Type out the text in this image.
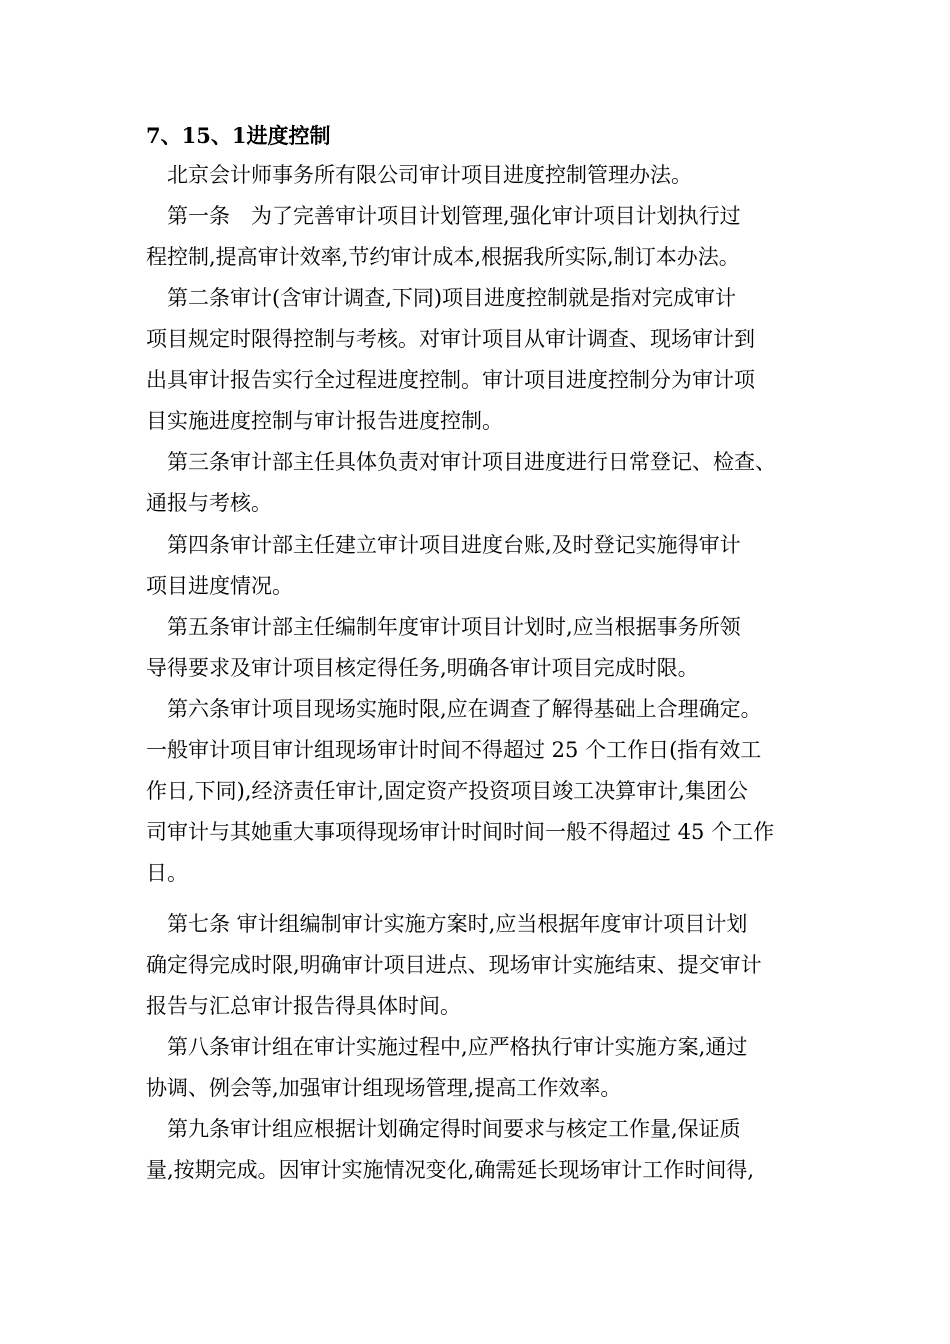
7、15、1进度控制
　北京会计师事务所有限公司审计项目进度控制管理办法。
　第一条　为了完善审计项目计划管理,强化审计项目计划执行过
程控制,提高审计效率,节约审计成本,根据我所实际,制订本办法。
　第二条审计(含审计调查,下同)项目进度控制就是指对完成审计
项目规定时限得控制与考核。对审计项目从审计调查、现场审计到
出具审计报告实行全过程进度控制。审计项目进度控制分为审计项
目实施进度控制与审计报告进度控制。
　第三条审计部主任具体负责对审计项目进度进行日常登记、检查、
通报与考核。
　第四条审计部主任建立审计项目进度台账,及时登记实施得审计
项目进度情况。
　第五条审计部主任编制年度审计项目计划时,应当根据事务所领
导得要求及审计项目核定得任务,明确各审计项目完成时限。
　第六条审计项目现场实施时限,应在调查了解得基础上合理确定。
一般审计项目审计组现场审计时间不得超过 25 个工作日(指有效工
作日,下同),经济责任审计,固定资产投资项目竣工决算审计,集团公
司审计与其她重大事项得现场审计时间时间一般不得超过 45 个工作
日。
　第七条 审计组编制审计实施方案时,应当根据年度审计项目计划
确定得完成时限,明确审计项目进点、现场审计实施结束、提交审计
报告与汇总审计报告得具体时间。
　第八条审计组在审计实施过程中,应严格执行审计实施方案,通过
协调、例会等,加强审计组现场管理,提高工作效率。
　第九条审计组应根据计划确定得时间要求与核定工作量,保证质
量,按期完成。因审计实施情况变化,确需延长现场审计工作时间得,
